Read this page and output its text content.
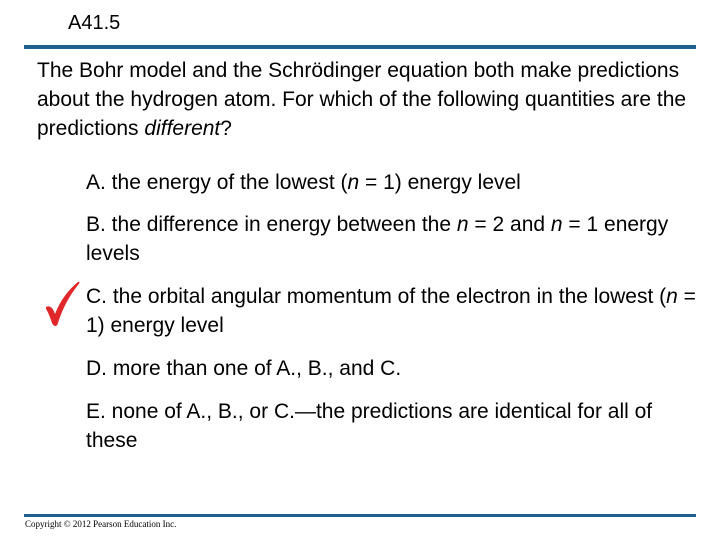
A41.5
The Bohr model and the Schrödinger equation both make predictions about the hydrogen atom. For which of the following quantities are the predictions different?
A. the energy of the lowest (n = 1) energy level
B. the difference in energy between the n = 2 and n = 1 energy levels
C. the orbital angular momentum of the electron in the lowest (n = 1) energy level
D. more than one of A., B., and C.
E. none of A., B., or C.—the predictions are identical for all of these
Copyright © 2012 Pearson Education Inc.
